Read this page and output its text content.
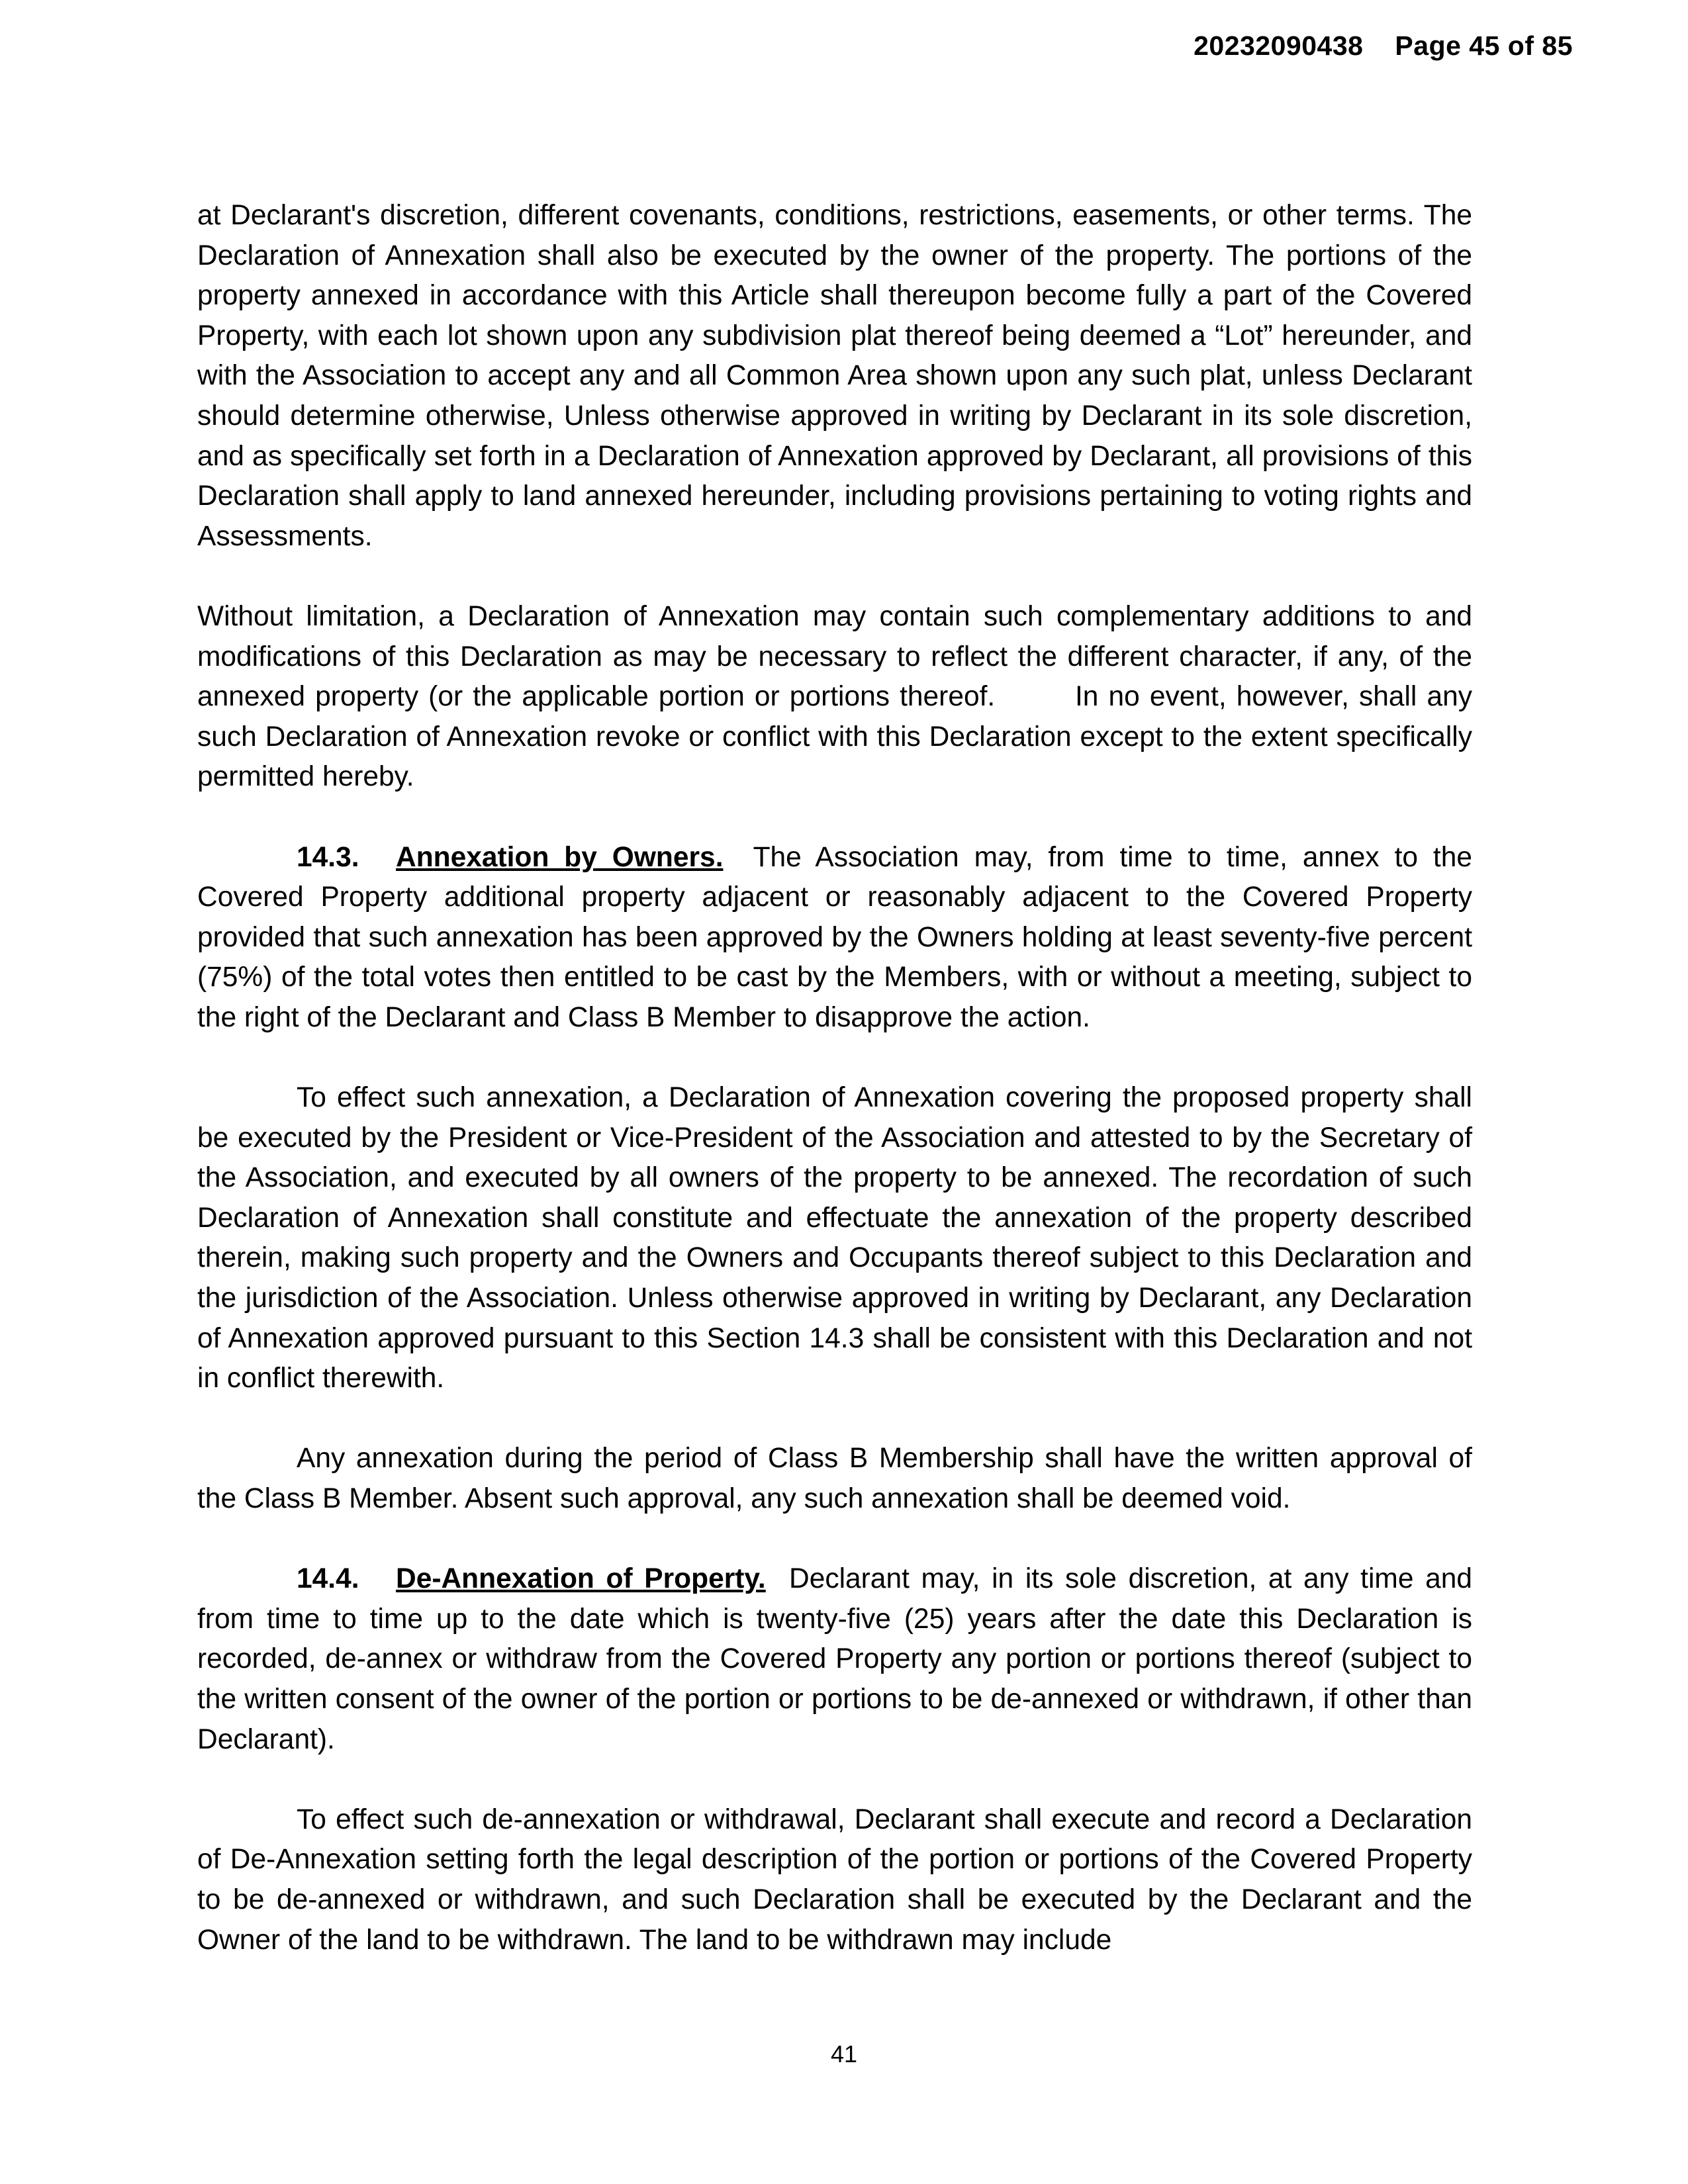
20232090438 Page 45 of 85

at Declarant's discretion, different covenants, conditions, restrictions, easements, or other terms. The Declaration of Annexation shall also be executed by the owner of the property. The portions of the property annexed in accordance with this Article shall thereupon become fully a part of the Covered Property, with each lot shown upon any subdivision plat thereof being deemed a “Lot” hereunder, and with the Association to accept any and all Common Area shown upon any such plat, unless Declarant should determine otherwise, Unless otherwise approved in writing by Declarant in its sole discretion, and as specifically set forth in a Declaration of Annexation approved by Declarant, all provisions of this Declaration shall apply to land annexed hereunder, including provisions pertaining to voting rights and Assessments.

Without limitation, a Declaration of Annexation may contain such complementary additions to and modifications of this Declaration as may be necessary to reflect the different character, if any, of the annexed property (or the applicable portion or portions thereof.        In no event, however, shall any such Declaration of Annexation revoke or conflict with this Declaration except to the extent specifically permitted hereby.

14.3. Annexation by Owners. The Association may, from time to time, annex to the Covered Property additional property adjacent or reasonably adjacent to the Covered Property provided that such annexation has been approved by the Owners holding at least seventy-five percent (75%) of the total votes then entitled to be cast by the Members, with or without a meeting, subject to the right of the Declarant and Class B Member to disapprove the action.

To effect such annexation, a Declaration of Annexation covering the proposed property shall be executed by the President or Vice-President of the Association and attested to by the Secretary of the Association, and executed by all owners of the property to be annexed. The recordation of such Declaration of Annexation shall constitute and effectuate the annexation of the property described therein, making such property and the Owners and Occupants thereof subject to this Declaration and the jurisdiction of the Association. Unless otherwise approved in writing by Declarant, any Declaration of Annexation approved pursuant to this Section 14.3 shall be consistent with this Declaration and not in conflict therewith.

Any annexation during the period of Class B Membership shall have the written approval of the Class B Member. Absent such approval, any such annexation shall be deemed void.

14.4. De-Annexation of Property. Declarant may, in its sole discretion, at any time and from time to time up to the date which is twenty-five (25) years after the date this Declaration is recorded, de-annex or withdraw from the Covered Property any portion or portions thereof (subject to the written consent of the owner of the portion or portions to be de-annexed or withdrawn, if other than Declarant).

To effect such de-annexation or withdrawal, Declarant shall execute and record a Declaration of De-Annexation setting forth the legal description of the portion or portions of the Covered Property to be de-annexed or withdrawn, and such Declaration shall be executed by the Declarant and the Owner of the land to be withdrawn. The land to be withdrawn may include

41
